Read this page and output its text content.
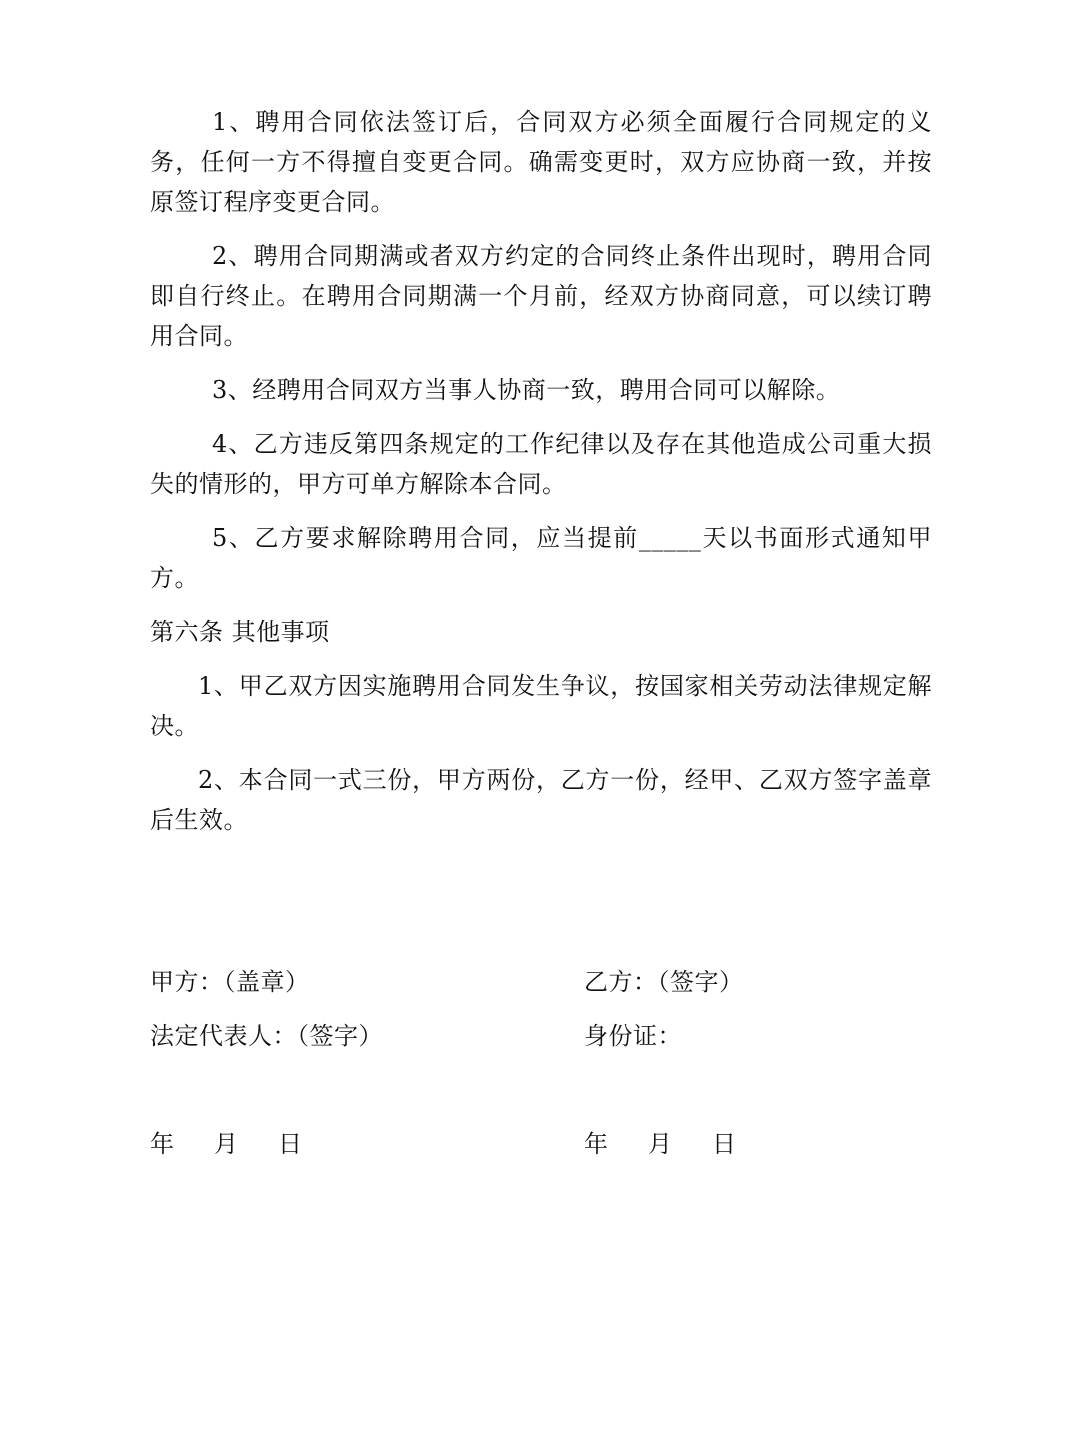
1、聘用合同依法签订后，合同双方必须全面履行合同规定的义务，任何一方不得擅自变更合同。确需变更时，双方应协商一致，并按原签订程序变更合同。

2、聘用合同期满或者双方约定的合同终止条件出现时，聘用合同即自行终止。在聘用合同期满一个月前，经双方协商同意，可以续订聘用合同。

3、经聘用合同双方当事人协商一致，聘用合同可以解除。

4、乙方违反第四条规定的工作纪律以及存在其他造成公司重大损失的情形的，甲方可单方解除本合同。

5、乙方要求解除聘用合同，应当提前_____天以书面形式通知甲方。

第六条 其他事项

1、甲乙双方因实施聘用合同发生争议，按国家相关劳动法律规定解决。

2、本合同一式三份，甲方两份，乙方一份，经甲、乙双方签字盖章后生效。

甲方：（盖章）	乙方：（签字）
法定代表人：（签字）	身份证：
年 月 日	年 月 日
